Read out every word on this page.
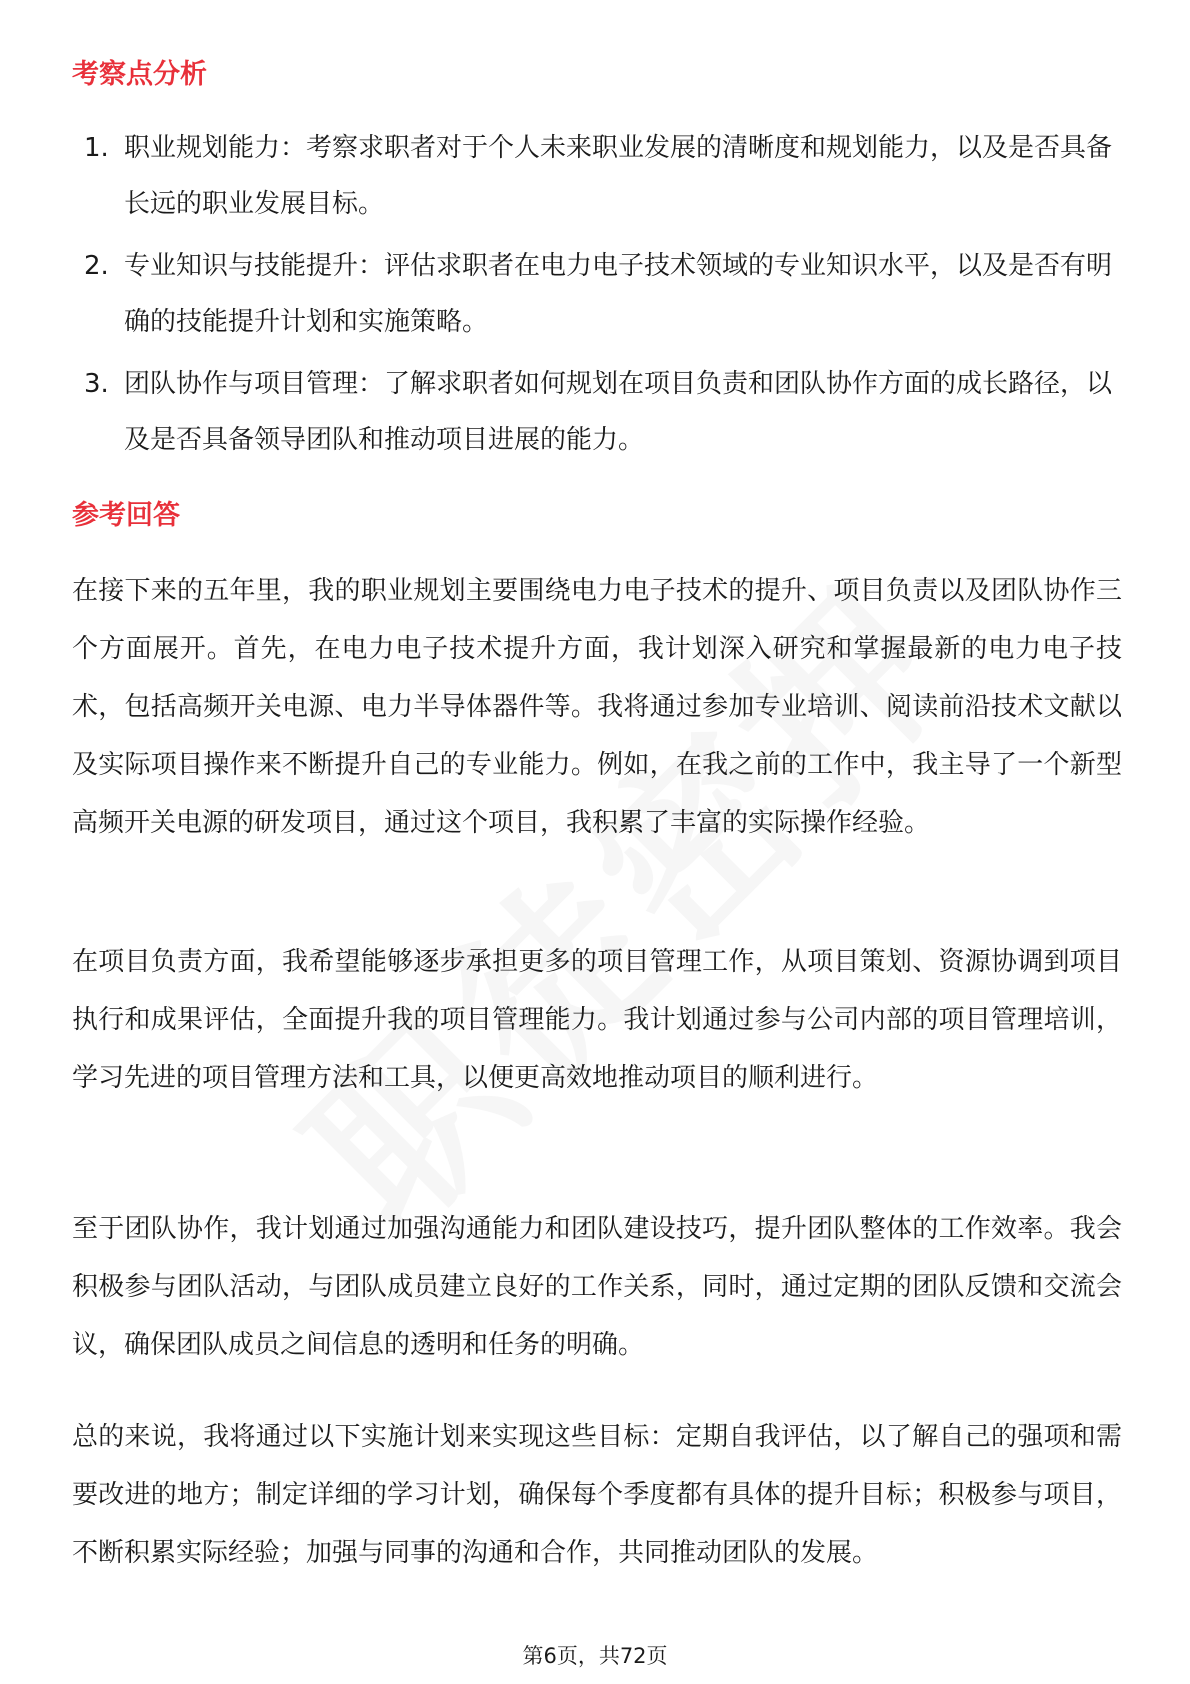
考察点分析
1. 职业规划能力：考察求职者对于个人未来职业发展的清晰度和规划能力，以及是否具备长远的职业发展目标。
2. 专业知识与技能提升：评估求职者在电力电子技术领域的专业知识水平，以及是否有明确的技能提升计划和实施策略。
3. 团队协作与项目管理：了解求职者如何规划在项目负责和团队协作方面的成长路径，以及是否具备领导团队和推动项目进展的能力。
参考回答

在接下来的五年里，我的职业规划主要围绕电力电子技术的提升、项目负责以及团队协作三个方面展开。首先，在电力电子技术提升方面，我计划深入研究和掌握最新的电力电子技术，包括高频开关电源、电力半导体器件等。我将通过参加专业培训、阅读前沿技术文献以及实际项目操作来不断提升自己的专业能力。例如，在我之前的工作中，我主导了一个新型高频开关电源的研发项目，通过这个项目，我积累了丰富的实际操作经验。

在项目负责方面，我希望能够逐步承担更多的项目管理工作，从项目策划、资源协调到项目执行和成果评估，全面提升我的项目管理能力。我计划通过参与公司内部的项目管理培训，学习先进的项目管理方法和工具，以便更高效地推动项目的顺利进行。

至于团队协作，我计划通过加强沟通能力和团队建设技巧，提升团队整体的工作效率。我会积极参与团队活动，与团队成员建立良好的工作关系，同时，通过定期的团队反馈和交流会议，确保团队成员之间信息的透明和任务的明确。

总的来说，我将通过以下实施计划来实现这些目标：定期自我评估，以了解自己的强项和需要改进的地方；制定详细的学习计划，确保每个季度都有具体的提升目标；积极参与项目，不断积累实际经验；加强与同事的沟通和合作，共同推动团队的发展。

第6页，共72页
